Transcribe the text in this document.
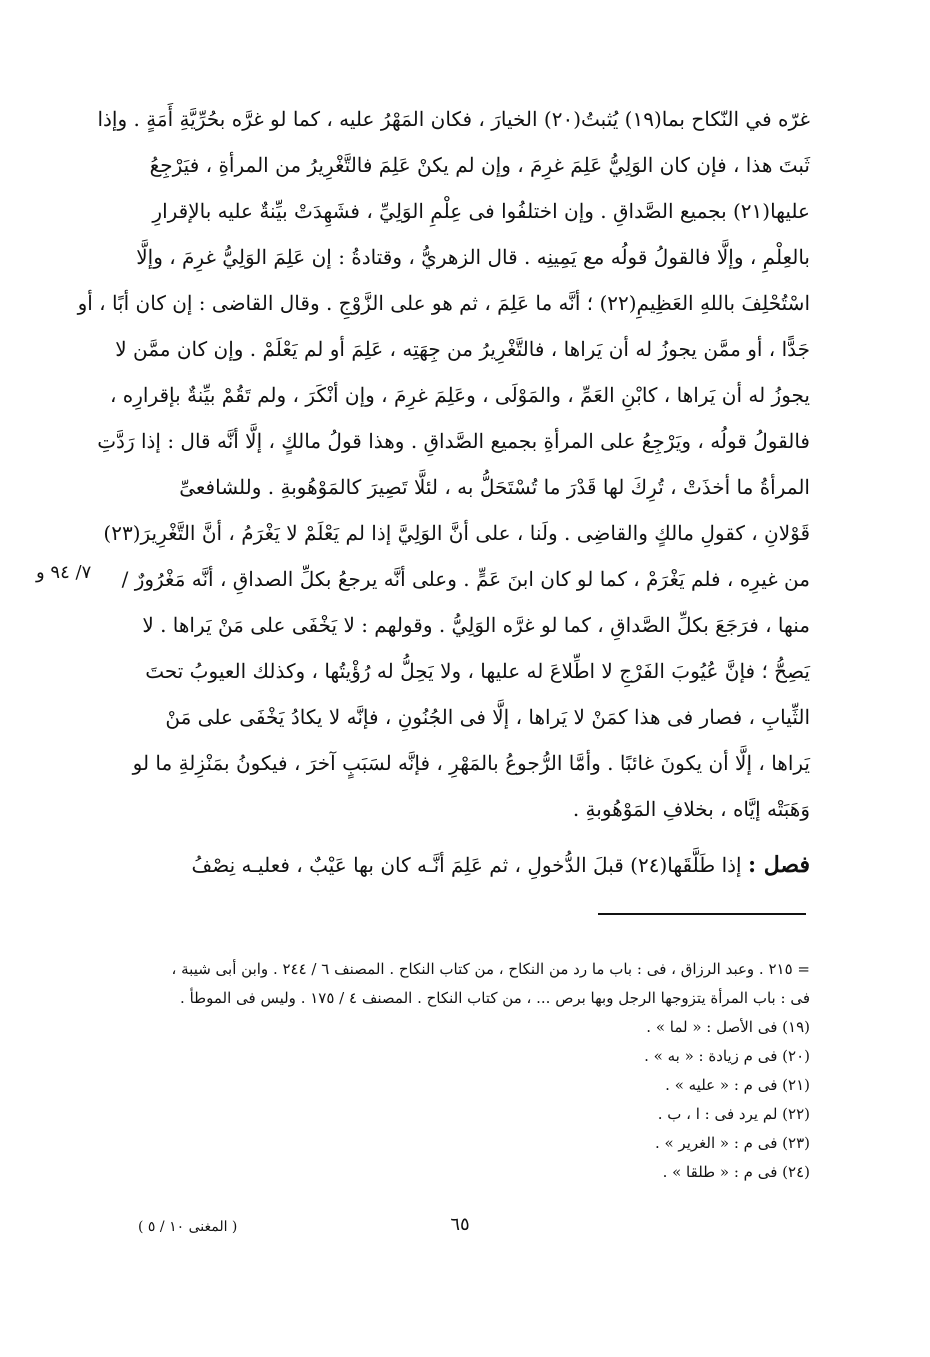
غرّه في النّكاح بما(١٩) يُثبتُ(٢٠) الخيارَ ، فكان المَهْرُ عليه ، كما لو غرَّه بحُرِّيَّةِ أَمَةٍ . وإذا
ثَبتَ هذا ، فإن كان الوَلِيُّ عَلِمَ غرِمَ ، وإن لم يكنْ عَلِمَ فالتَّغْرِيرُ من المرأةِ ، فيَرْجِعُ
عليها(٢١) بجميع الصَّداقِ . وإن اختلفُوا فى عِلْمِ الوَلِيِّ ، فشَهِدَتْ بيِّنةٌ عليه بالإقرارِ
بالعِلْمِ ، وإلَّا فالقولُ قولُه مع يَمِينِه . قال الزهريُّ ، وقتادةُ : إن عَلِمَ الوَلِيُّ غرِمَ ، وإلَّا
اسْتُحْلِفَ باللهِ العَظِيمِ(٢٢) ؛ أنَّه ما عَلِمَ ، ثم هو على الزَّوْجِ . وقال القاضى : إن كان أبًا ، أو
جَدًّا ، أو ممَّن يجوزُ له أن يَراها ، فالتَّغْرِيرُ من جِهَتِه ، عَلِمَ أو لم يَعْلَمْ . وإن كان ممَّن لا
يجوزُ له أن يَراها ، كابْنِ العَمِّ ، والمَوْلَى ، وعَلِمَ غرِمَ ، وإن أنْكَرَ ، ولم تَقُمْ بيِّنةٌ بإقرارِه ،
فالقولُ قولُه ، ويَرْجِعُ على المرأةِ بجميع الصَّداقِ . وهذا قولُ مالكٍ ، إلَّا أنَّه قال : إذا رَدَّتِ
المرأةُ ما أخذَتْ ، تُرِكَ لها قَدْرَ ما تُسْتَحَلُّ به ، لئلَّا تَصِيرَ كالمَوْهُوبةِ . وللشافعىِّ
قَوْلانِ ، كقولِ مالكٍ والقاضِى . ولَنا ، على أنَّ الوَلِيَّ إذا لم يَعْلَمْ لا يَغْرَمُ ، أنَّ التَّغْرِيرَ(٢٣)
من غيرِه ، فلم يَغْرَمْ ، كما لو كان ابنَ عَمٍّ . وعلى أنَّه يرجعُ بكلِّ الصداقِ ، أنَّه مَغْرُورٌ /
منها ، فرَجَعَ بكلِّ الصَّداقِ ، كما لو غرَّه الوَلِيُّ . وقولهم : لا يَخْفَى على مَنْ يَراها . لا
يَصِحُّ ؛ فإنَّ عُيُوبَ الفَرْجِ لا اطِّلاعَ له عليها ، ولا يَحِلُّ له رُؤْيتُها ، وكذلك العيوبُ تحتَ
الثِّيابِ ، فصار فى هذا كمَنْ لا يَراها ، إلَّا فى الجُنُونِ ، فإنَّه لا يكادُ يَخْفَى على مَنْ
يَراها ، إلَّا أن يكونَ غائبًا . وأمَّا الرُّجوعُ بالمَهْرِ ، فإنَّه لسَبَبٍ آخرَ ، فيكونُ بمَنْزِلةِ ما لو
وَهَبَتْه إيَّاه ، بخلافِ المَوْهُوبةِ .
فصل : إذا طَلَّقَها(٢٤) قبلَ الدُّخولِ ، ثم عَلِمَ أنَّـه كان بها عَيْبٌ ، فعليـه نِصْفُ
٧/ ٩٤ و
= ٢١٥ . وعبد الرزاق ، فى : باب ما رد من النكاح ، من كتاب النكاح . المصنف ٦ / ٢٤٤ . وابن أبى شيبة ،
فى : باب المرأة يتزوجها الرجل وبها برص ... ، من كتاب النكاح . المصنف ٤ / ١٧٥ . وليس فى الموطأ .
(١٩) فى الأصل : « لما » .
(٢٠) فى م زيادة : « به » .
(٢١) فى م : « عليه » .
(٢٢) لم يرد فى : ا ، ب .
(٢٣) فى م : « الغرير » .
(٢٤) فى م : « طلقا » .
٦٥
( المغنى ١٠ / ٥ )
